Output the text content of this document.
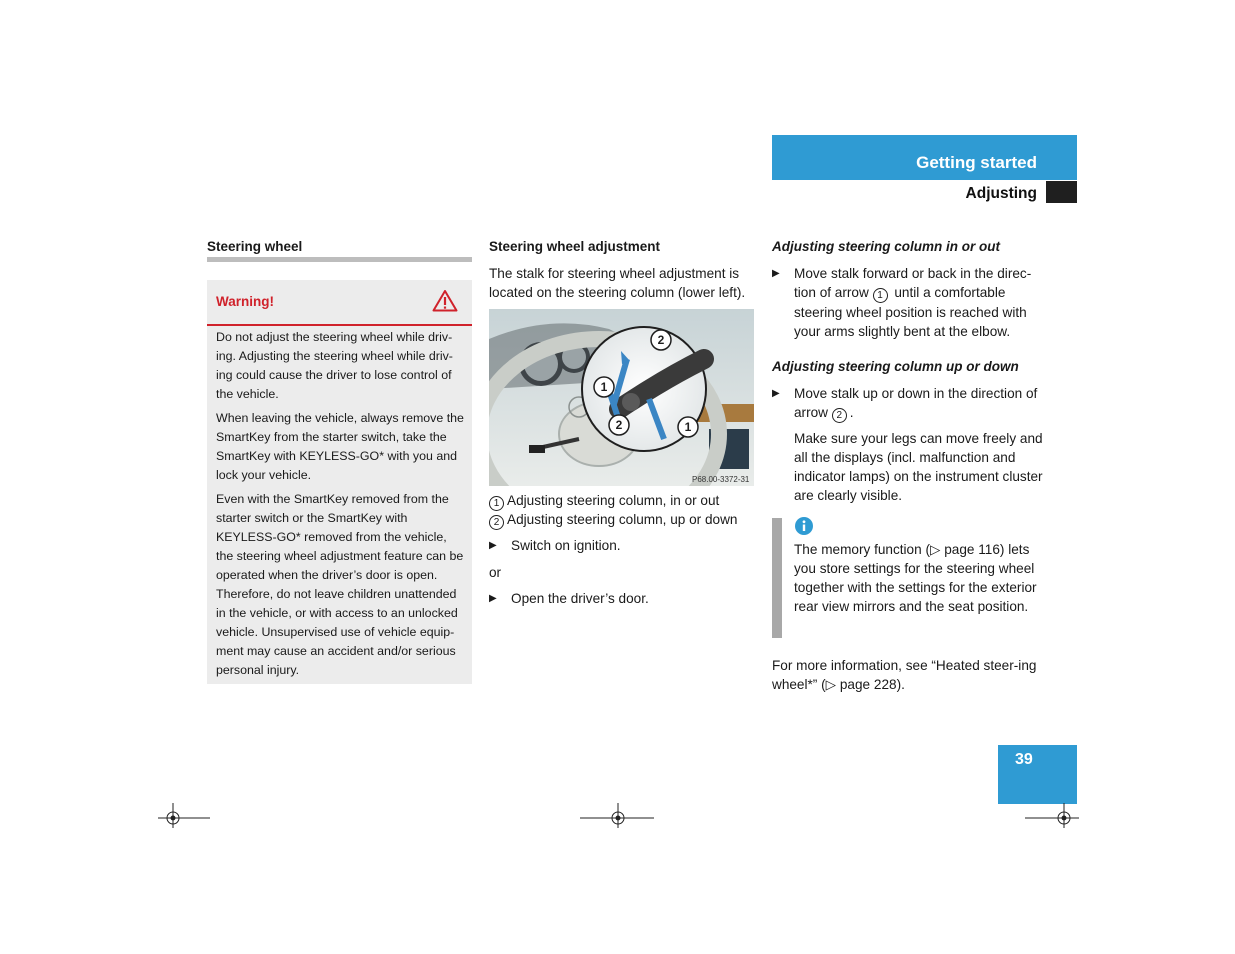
Getting started
Adjusting
Steering wheel
Warning!

Do not adjust the steering wheel while driv-ing. Adjusting the steering wheel while driv-ing could cause the driver to lose control of the vehicle.

When leaving the vehicle, always remove the SmartKey from the starter switch, take the SmartKey with KEYLESS-GO* with you and lock your vehicle.

Even with the SmartKey removed from the starter switch or the SmartKey with KEYLESS-GO* removed from the vehicle, the steering wheel adjustment feature can be operated when the driver’s door is open. Therefore, do not leave children unattended in the vehicle, or with access to an unlocked vehicle. Unsupervised use of vehicle equip-ment may cause an accident and/or serious personal injury.

Steering wheel adjustment
The stalk for steering wheel adjustment is located on the steering column (lower left).
2
1
2	1
P68.00-3372-31
1 Adjusting steering column, in or out
2 Adjusting steering column, up or down
▶ Switch on ignition.
or
▶ Open the driver’s door.
Adjusting steering column in or out
▶ Move stalk forward or back in the direc-tion of arrow 1 until a comfortable steering wheel position is reached with your arms slightly bent at the elbow.
Adjusting steering column up or down
▶ Move stalk up or down in the direction of arrow 2 .
Make sure your legs can move freely and all the displays (incl. malfunction and indicator lamps) on the instrument cluster are clearly visible.
The memory function (▷ page 116) lets you store settings for the steering wheel together with the settings for the exterior rear view mirrors and the seat position.
For more information, see “Heated steer-ing wheel*” (▷ page 228).
39
